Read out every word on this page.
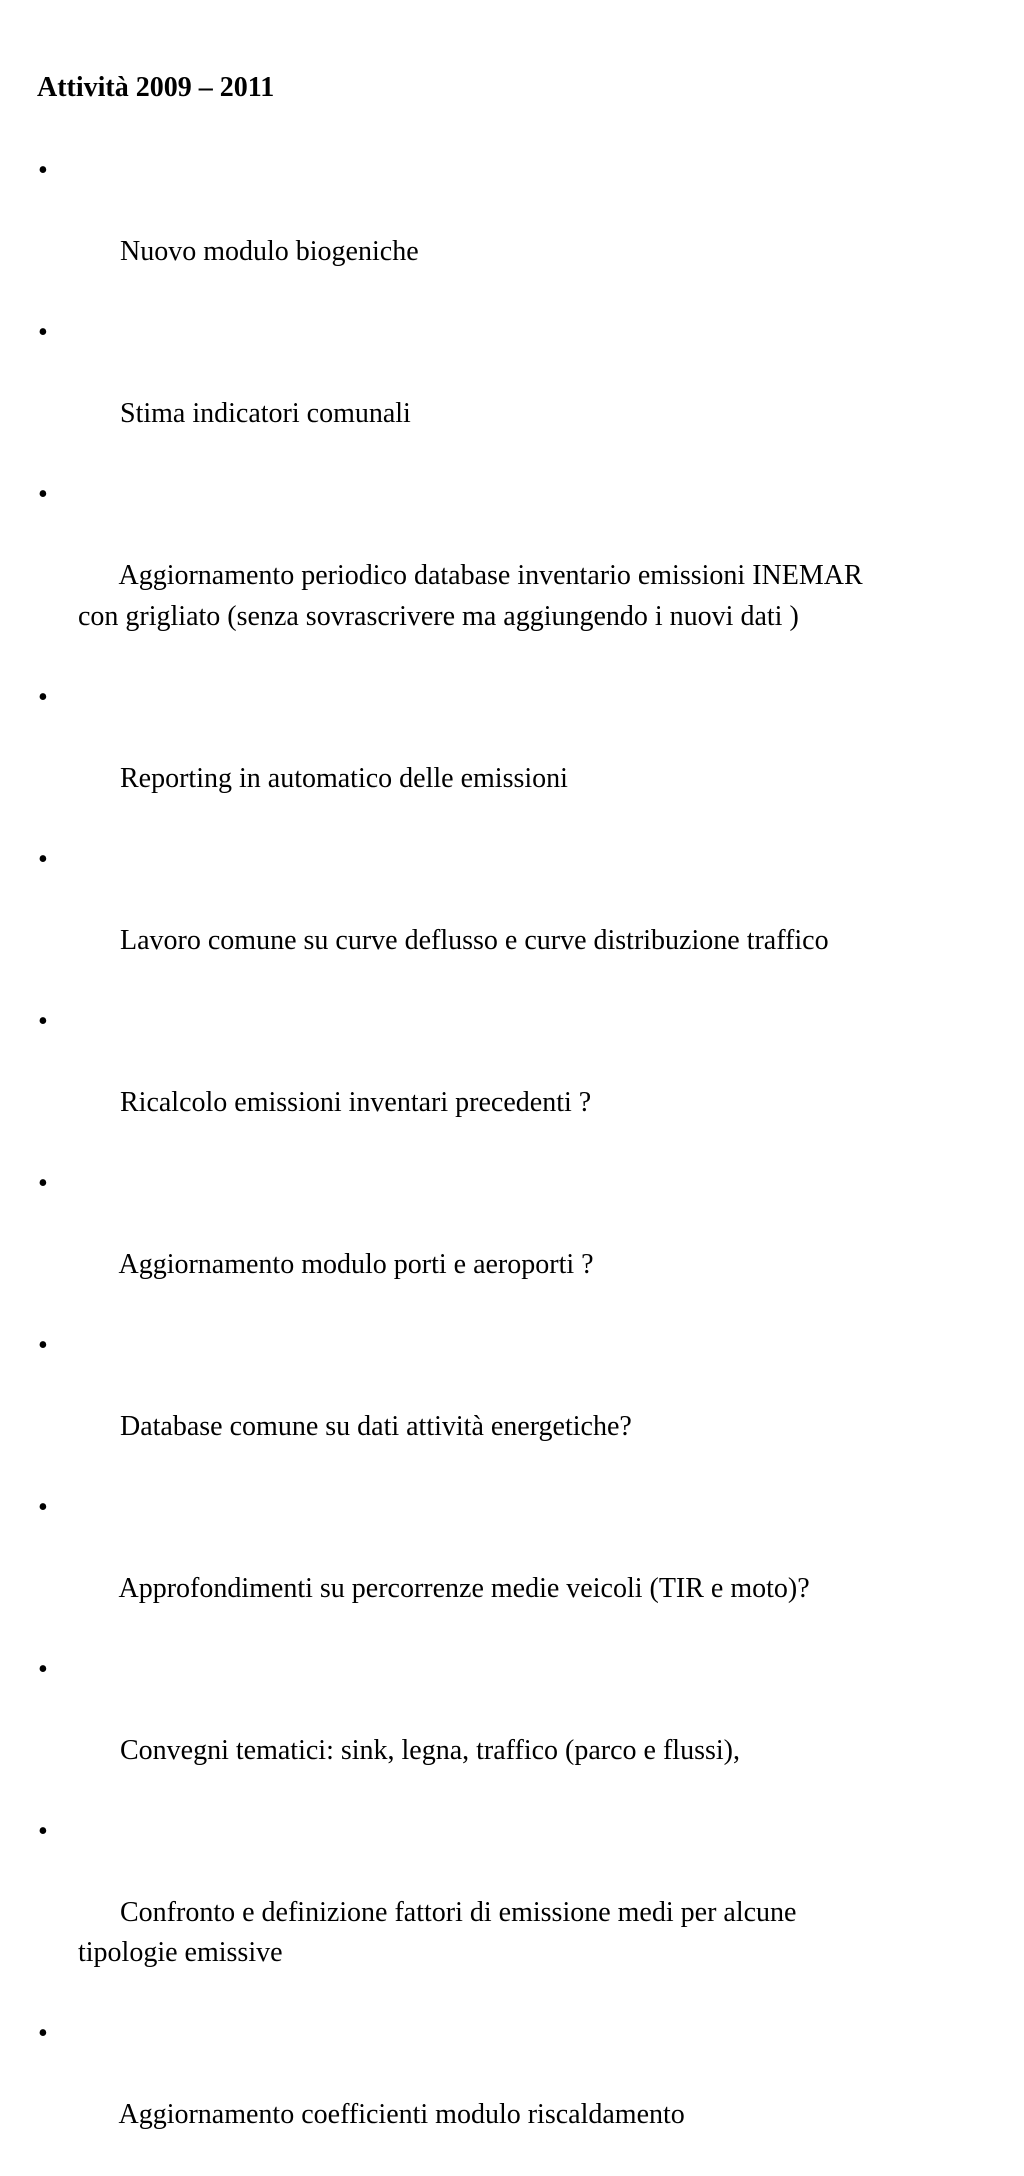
Attività 2009 – 2011

•

Nuovo modulo biogeniche

•

Stima indicatori comunali

•

Aggiornamento periodico database inventario emissioni INEMAR
con grigliato (senza sovrascrivere ma aggiungendo i nuovi dati )

•

Reporting in automatico delle emissioni

•

Lavoro comune su curve deflusso e curve distribuzione traffico

•

Ricalcolo emissioni inventari precedenti ?

•

Aggiornamento modulo porti e aeroporti ?

•

Database comune su dati attività energetiche?

•

Approfondimenti su percorrenze medie veicoli (TIR e moto)?

•

Convegni tematici: sink, legna, traffico (parco e flussi),

•

Confronto e definizione fattori di emissione medi per alcune
tipologie emissive

•

Aggiornamento coefficienti modulo riscaldamento
